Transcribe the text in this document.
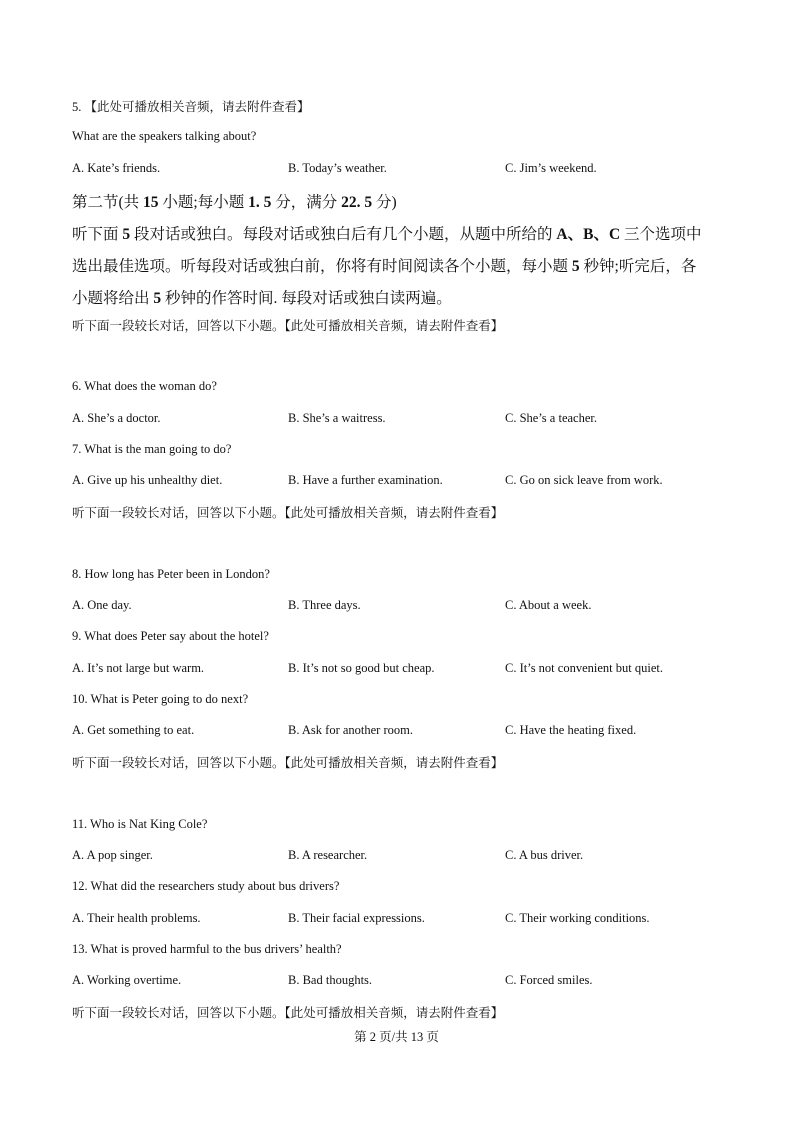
5. 【此处可播放相关音频，请去附件查看】
What are the speakers talking about?
A. Kate’s friends.	B. Today’s weather.	C. Jim’s weekend.
第二节(共 15 小题;每小题 1. 5 分，满分 22. 5 分)
听下面 5 段对话或独白。每段对话或独白后有几个小题，从题中所给的 A、B、C 三个选项中
选出最佳选项。听每段对话或独白前，你将有时间阅读各个小题，每小题 5 秒钟;听完后，各
小题将给出 5 秒钟的作答时间. 每段对话或独白读两遍。
听下面一段较长对话，回答以下小题。【此处可播放相关音频，请去附件查看】
6. What does the woman do?
A. She’s a doctor.	B. She’s a waitress.	C. She’s a teacher.
7. What is the man going to do?
A. Give up his unhealthy diet.	B. Have a further examination.	C. Go on sick leave from work.
听下面一段较长对话，回答以下小题。【此处可播放相关音频，请去附件查看】
8. How long has Peter been in London?
A. One day.	B. Three days.	C. About a week.
9. What does Peter say about the hotel?
A. It’s not large but warm.	B. It’s not so good but cheap.	C. It’s not convenient but quiet.
10. What is Peter going to do next?
A. Get something to eat.	B. Ask for another room.	C. Have the heating fixed.
听下面一段较长对话，回答以下小题。【此处可播放相关音频，请去附件查看】
11. Who is Nat King Cole?
A. A pop singer.	B. A researcher.	C. A bus driver.
12. What did the researchers study about bus drivers?
A. Their health problems.	B. Their facial expressions.	C. Their working conditions.
13. What is proved harmful to the bus drivers’ health?
A. Working overtime.	B. Bad thoughts.	C. Forced smiles.
听下面一段较长对话，回答以下小题。【此处可播放相关音频，请去附件查看】
第 2 页/共 13 页
